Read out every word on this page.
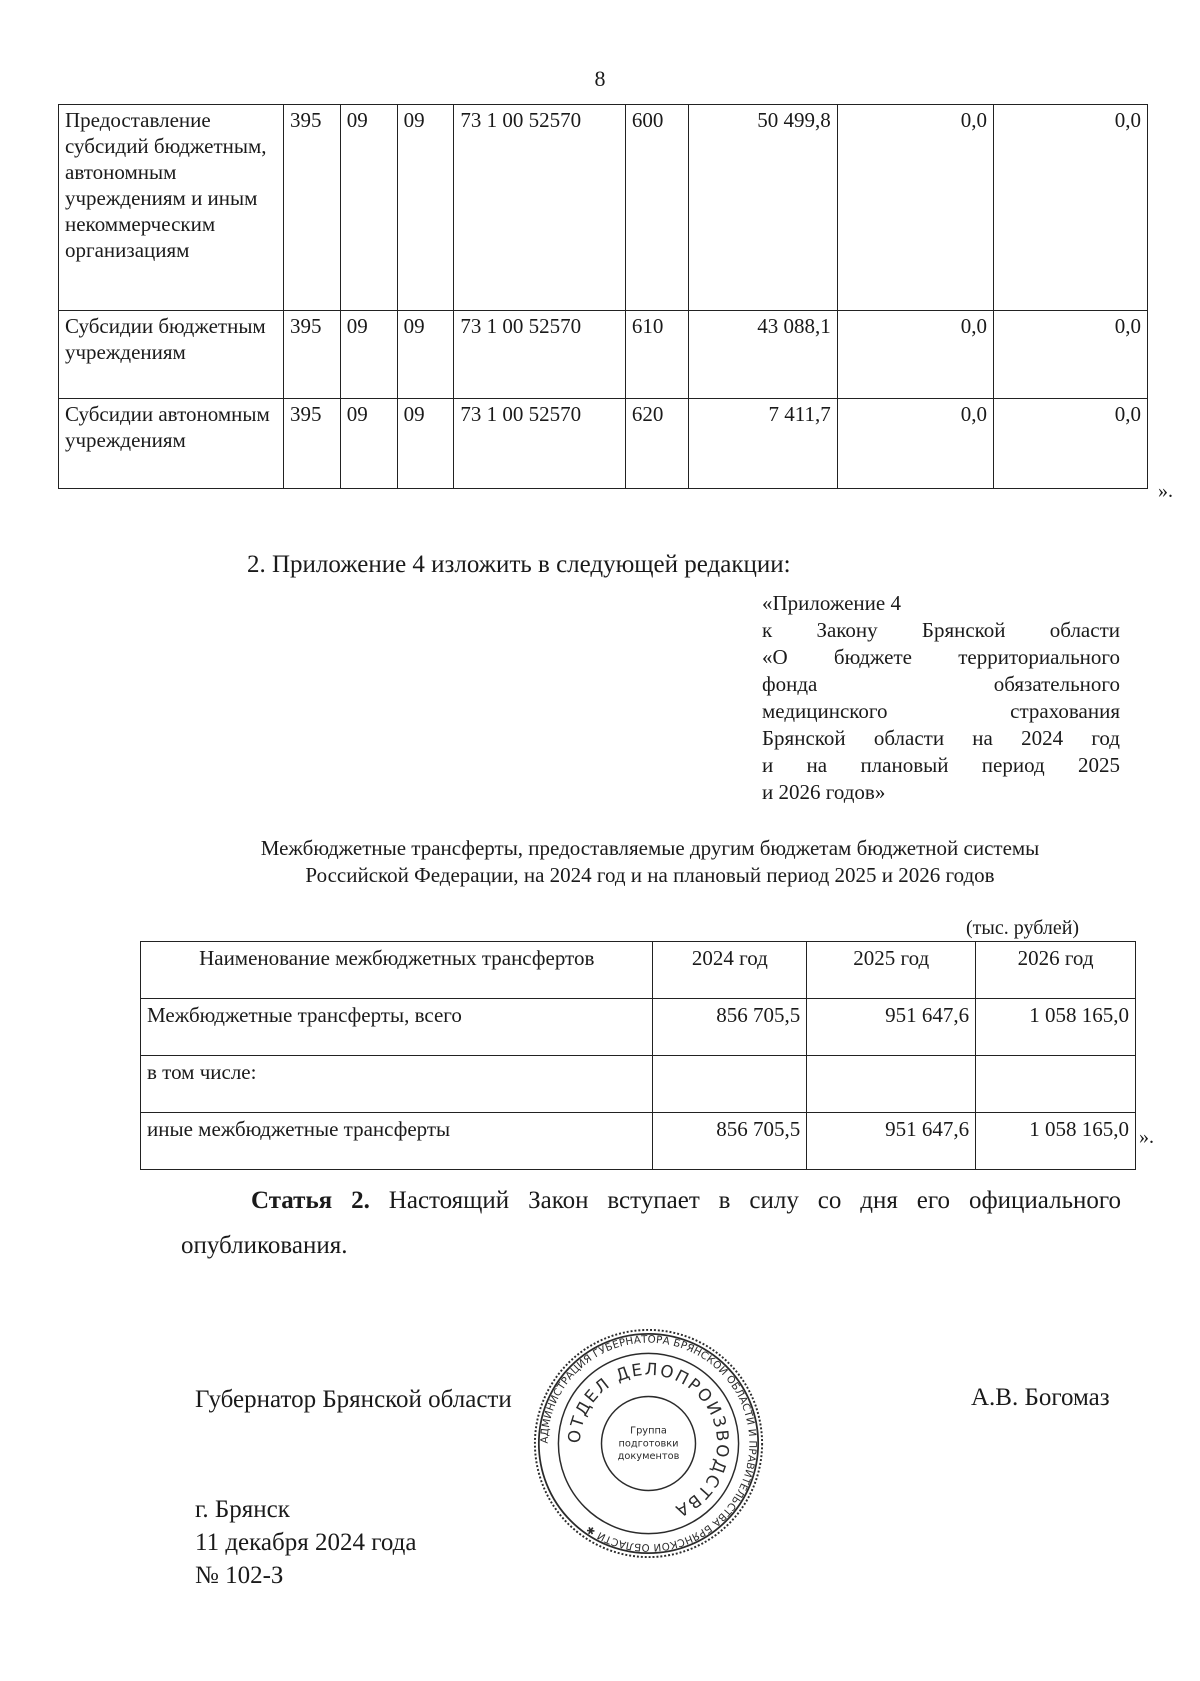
8
Предоставление субсидий бюджетным, автономным учреждениям и иным некоммерческим организациям	395	09	09	73 1 00 52570	600	50 499,8	0,0	0,0
Субсидии бюджетным учреждениям	395	09	09	73 1 00 52570	610	43 088,1	0,0	0,0
Субсидии автономным учреждениям	395	09	09	73 1 00 52570	620	7 411,7	0,0	0,0
».
2. Приложение 4 изложить в следующей редакции:
«Приложение 4
к Закону Брянской области
«О бюджете территориального
фонда обязательного
медицинского страхования
Брянской области на 2024 год
и на плановый период 2025
и 2026 годов»
Межбюджетные трансферты, предоставляемые другим бюджетам бюджетной системы
Российской Федерации, на 2024 год и на плановый период 2025 и 2026 годов
(тыс. рублей)
Наименование межбюджетных трансфертов	2024 год	2025 год	2026 год
Межбюджетные трансферты, всего	856 705,5	951 647,6	1 058 165,0
в том числе:			
иные межбюджетные трансферты	856 705,5	951 647,6	1 058 165,0 ».
Статья 2. Настоящий Закон вступает в силу со дня его официального опубликования.
Губернатор Брянской области	А.В. Богомаз
г. Брянск
11 декабря 2024 года
№ 102-З
АДМИНИСТРАЦИЯ ГУБЕРНАТОРА БРЯНСКОЙ ОБЛАСТИ И ПРАВИТЕЛЬСТВА БРЯНСКОЙ ОБЛАСТИ ✱
ОТДЕЛ ДЕЛОПРОИЗВОДСТВА
Группа подготовки документов
